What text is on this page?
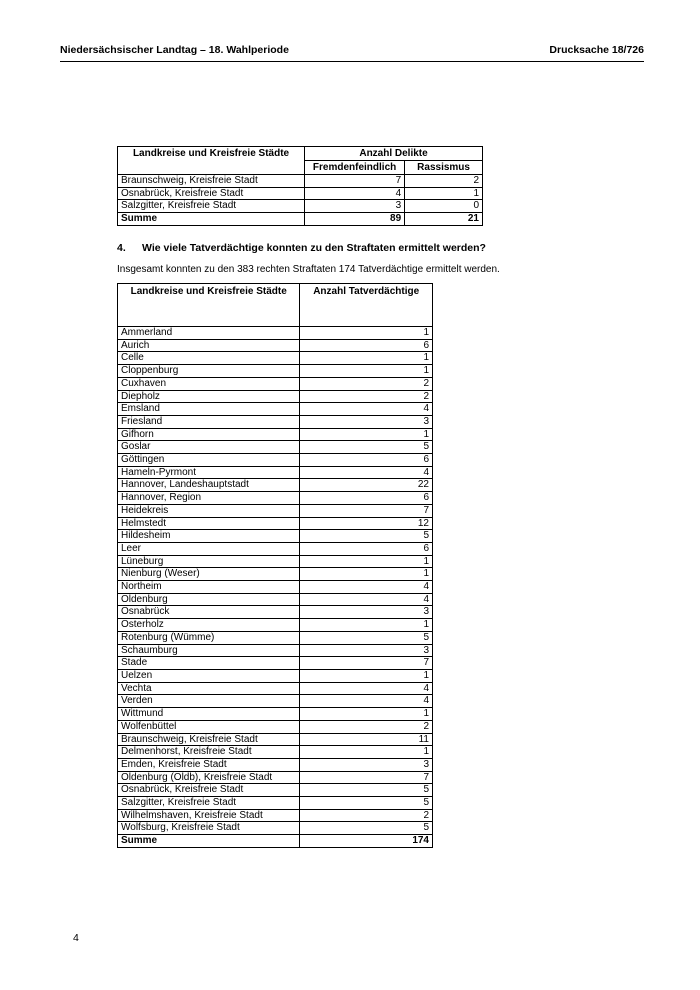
Niedersächsischer Landtag – 18. Wahlperiode	Drucksache 18/726
Landkreise und Kreisfreie Städte	Anzahl Delikte	
	Fremdenfeindlich	Rassismus
Braunschweig, Kreisfreie Stadt	7	2
Osnabrück, Kreisfreie Stadt	4	1
Salzgitter, Kreisfreie Stadt	3	0
Summe	89	21
4. Wie viele Tatverdächtige konnten zu den Straftaten ermittelt werden?
Insgesamt konnten zu den 383 rechten Straftaten 174 Tatverdächtige ermittelt werden.
Landkreise und Kreisfreie Städte	Anzahl Tatverdächtige
Ammerland	1
Aurich	6
Celle	1
Cloppenburg	1
Cuxhaven	2
Diepholz	2
Emsland	4
Friesland	3
Gifhorn	1
Goslar	5
Göttingen	6
Hameln-Pyrmont	4
Hannover, Landeshauptstadt	22
Hannover, Region	6
Heidekreis	7
Helmstedt	12
Hildesheim	5
Leer	6
Lüneburg	1
Nienburg (Weser)	1
Northeim	4
Oldenburg	4
Osnabrück	3
Osterholz	1
Rotenburg (Wümme)	5
Schaumburg	3
Stade	7
Uelzen	1
Vechta	4
Verden	4
Wittmund	1
Wolfenbüttel	2
Braunschweig, Kreisfreie Stadt	11
Delmenhorst, Kreisfreie Stadt	1
Emden, Kreisfreie Stadt	3
Oldenburg (Oldb), Kreisfreie Stadt	7
Osnabrück, Kreisfreie Stadt	5
Salzgitter, Kreisfreie Stadt	5
Wilhelmshaven, Kreisfreie Stadt	2
Wolfsburg, Kreisfreie Stadt	5
Summe	174
4
